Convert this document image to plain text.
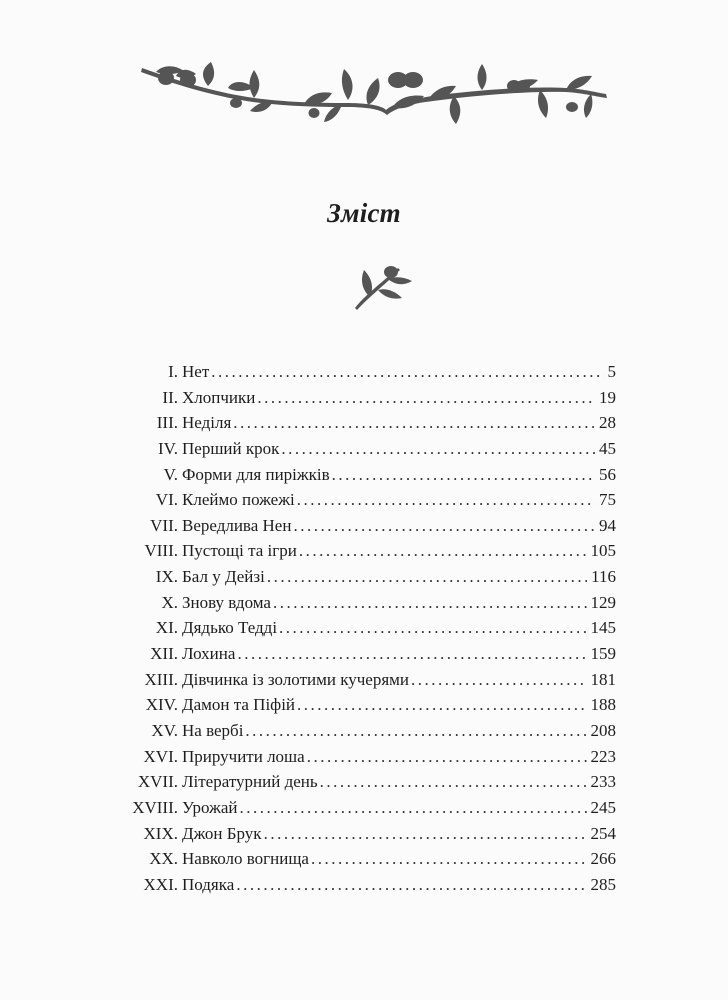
Зміст
I. Нет .....	5
II. Хлопчики .....	19
III. Неділя .....	28
IV. Перший крок .....	45
V. Форми для пиріжків .....	56
VI. Клеймо пожежі .....	75
VII. Вередлива Нен .....	94
VIII. Пустощі та ігри .....	105
IX. Бал у Дейзі .....	116
X. Знову вдома .....	129
XI. Дядько Тедді .....	145
XII. Лохина .....	159
XIII. Дівчинка із золотими кучерями .....	181
XIV. Дамон та Піфій .....	188
XV. На вербі .....	208
XVI. Приручити лоша .....	223
XVII. Літературний день .....	233
XVIII. Урожай .....	245
XIX. Джон Брук .....	254
XX. Навколо вогнища .....	266
XXI. Подяка .....	285
